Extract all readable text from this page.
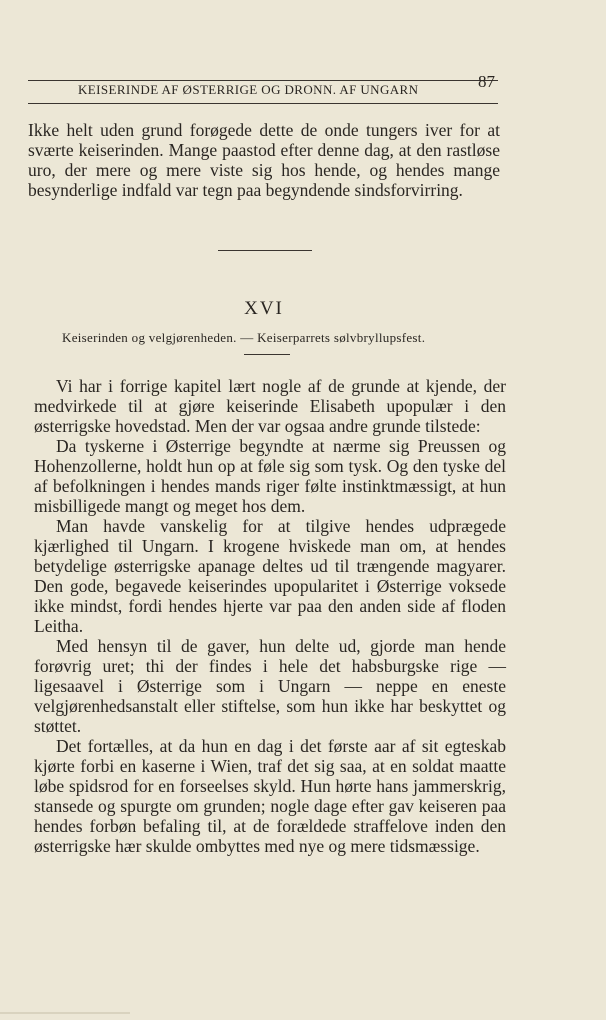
KEISERINDE AF ØSTERRIGE OG DRONN. AF UNGARN	87

Ikke helt uden grund forøgede dette de onde tungers iver for at sværte keiserinden. Mange paastod efter denne dag, at den rastløse uro, der mere og mere viste sig hos hende, og hendes mange besynderlige indfald var tegn paa begyndende sindsforvirring.

XVI
Keiserinden og velgjørenheden. — Keiserparrets sølvbryllupsfest.

Vi har i forrige kapitel lært nogle af de grunde at kjende, der medvirkede til at gjøre keiserinde Elisabeth upopulær i den østerrigske hovedstad. Men der var ogsaa andre grunde tilstede:

Da tyskerne i Østerrige begyndte at nærme sig Preussen og Hohenzollerne, holdt hun op at føle sig som tysk. Og den tyske del af befolkningen i hendes mands riger følte instinktmæssigt, at hun misbilligede mangt og meget hos dem.

Man havde vanskelig for at tilgive hendes udprægede kjærlighed til Ungarn. I krogene hviskede man om, at hendes betydelige østerrigske apanage deltes ud til trængende magyarer. Den gode, begavede keiserindes upopularitet i Østerrige voksede ikke mindst, fordi hendes hjerte var paa den anden side af floden Leitha.

Med hensyn til de gaver, hun delte ud, gjorde man hende forøvrig uret; thi der findes i hele det habsburgske rige — ligesaavel i Østerrige som i Ungarn — neppe en eneste velgjørenhedsanstalt eller stiftelse, som hun ikke har beskyttet og støttet.

Det fortælles, at da hun en dag i det første aar af sit egteskab kjørte forbi en kaserne i Wien, traf det sig saa, at en soldat maatte løbe spidsrod for en forseelses skyld. Hun hørte hans jammerskrig, stansede og spurgte om grunden; nogle dage efter gav keiseren paa hendes forbøn befaling til, at de forældede straffelove inden den østerrigske hær skulde ombyttes med nye og mere tidsmæssige.
